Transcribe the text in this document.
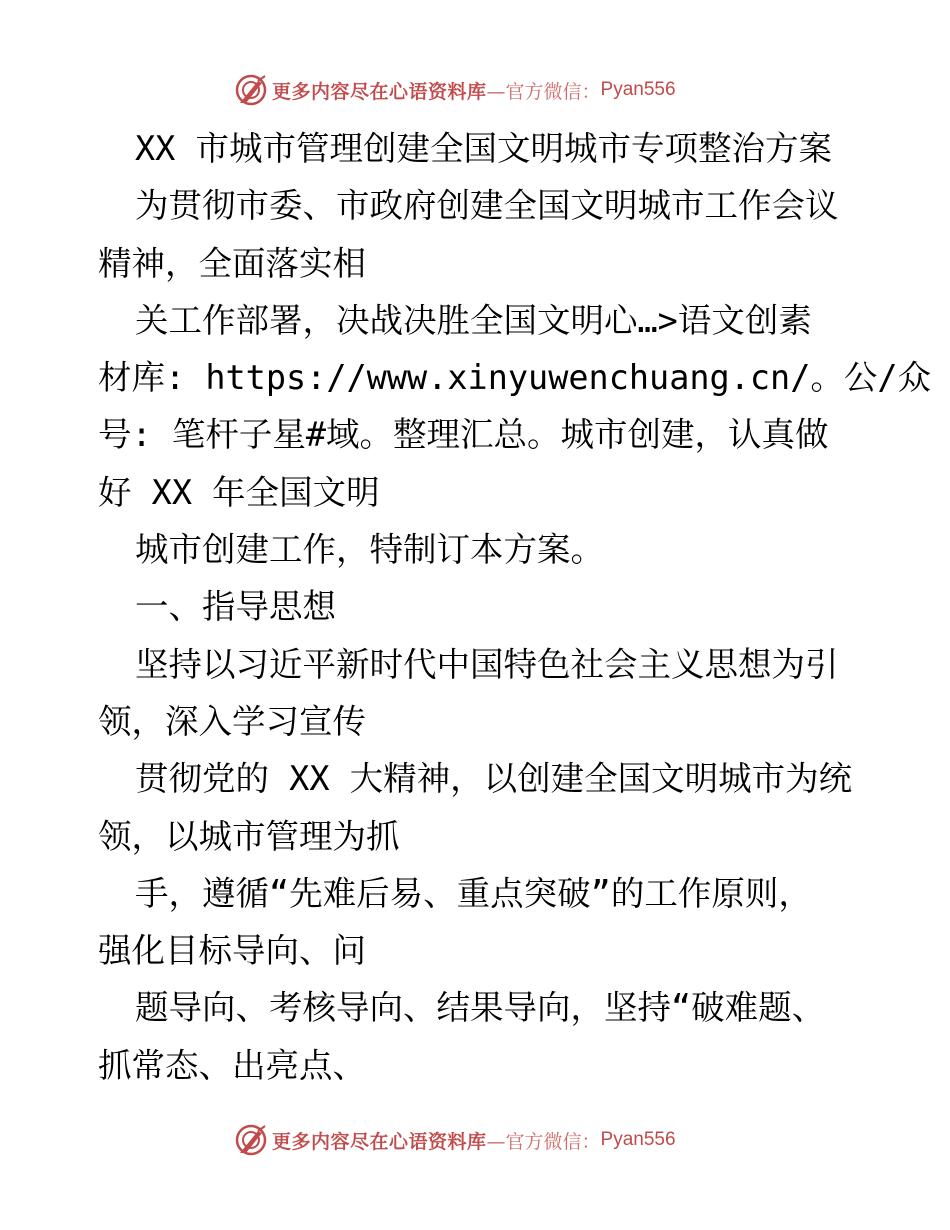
更多内容尽在心语资料库 —官方微信： Pyan556
XX 市城市管理创建全国文明城市专项整治方案
为贯彻市委、市政府创建全国文明城市工作会议
精神，全面落实相
关工作部署，决战决胜全国文明心…>语文创素
材库: https://www.xinyuwenchuang.cn/。公/众
号: 笔杆子星#域。整理汇总。城市创建，认真做
好 XX 年全国文明
城市创建工作，特制订本方案。
一、指导思想
坚持以习近平新时代中国特色社会主义思想为引
领，深入学习宣传
贯彻党的 XX 大精神，以创建全国文明城市为统
领，以城市管理为抓
手，遵循“先难后易、重点突破”的工作原则，
强化目标导向、问
题导向、考核导向、结果导向，坚持“破难题、
抓常态、出亮点、
更多内容尽在心语资料库 —官方微信： Pyan556
